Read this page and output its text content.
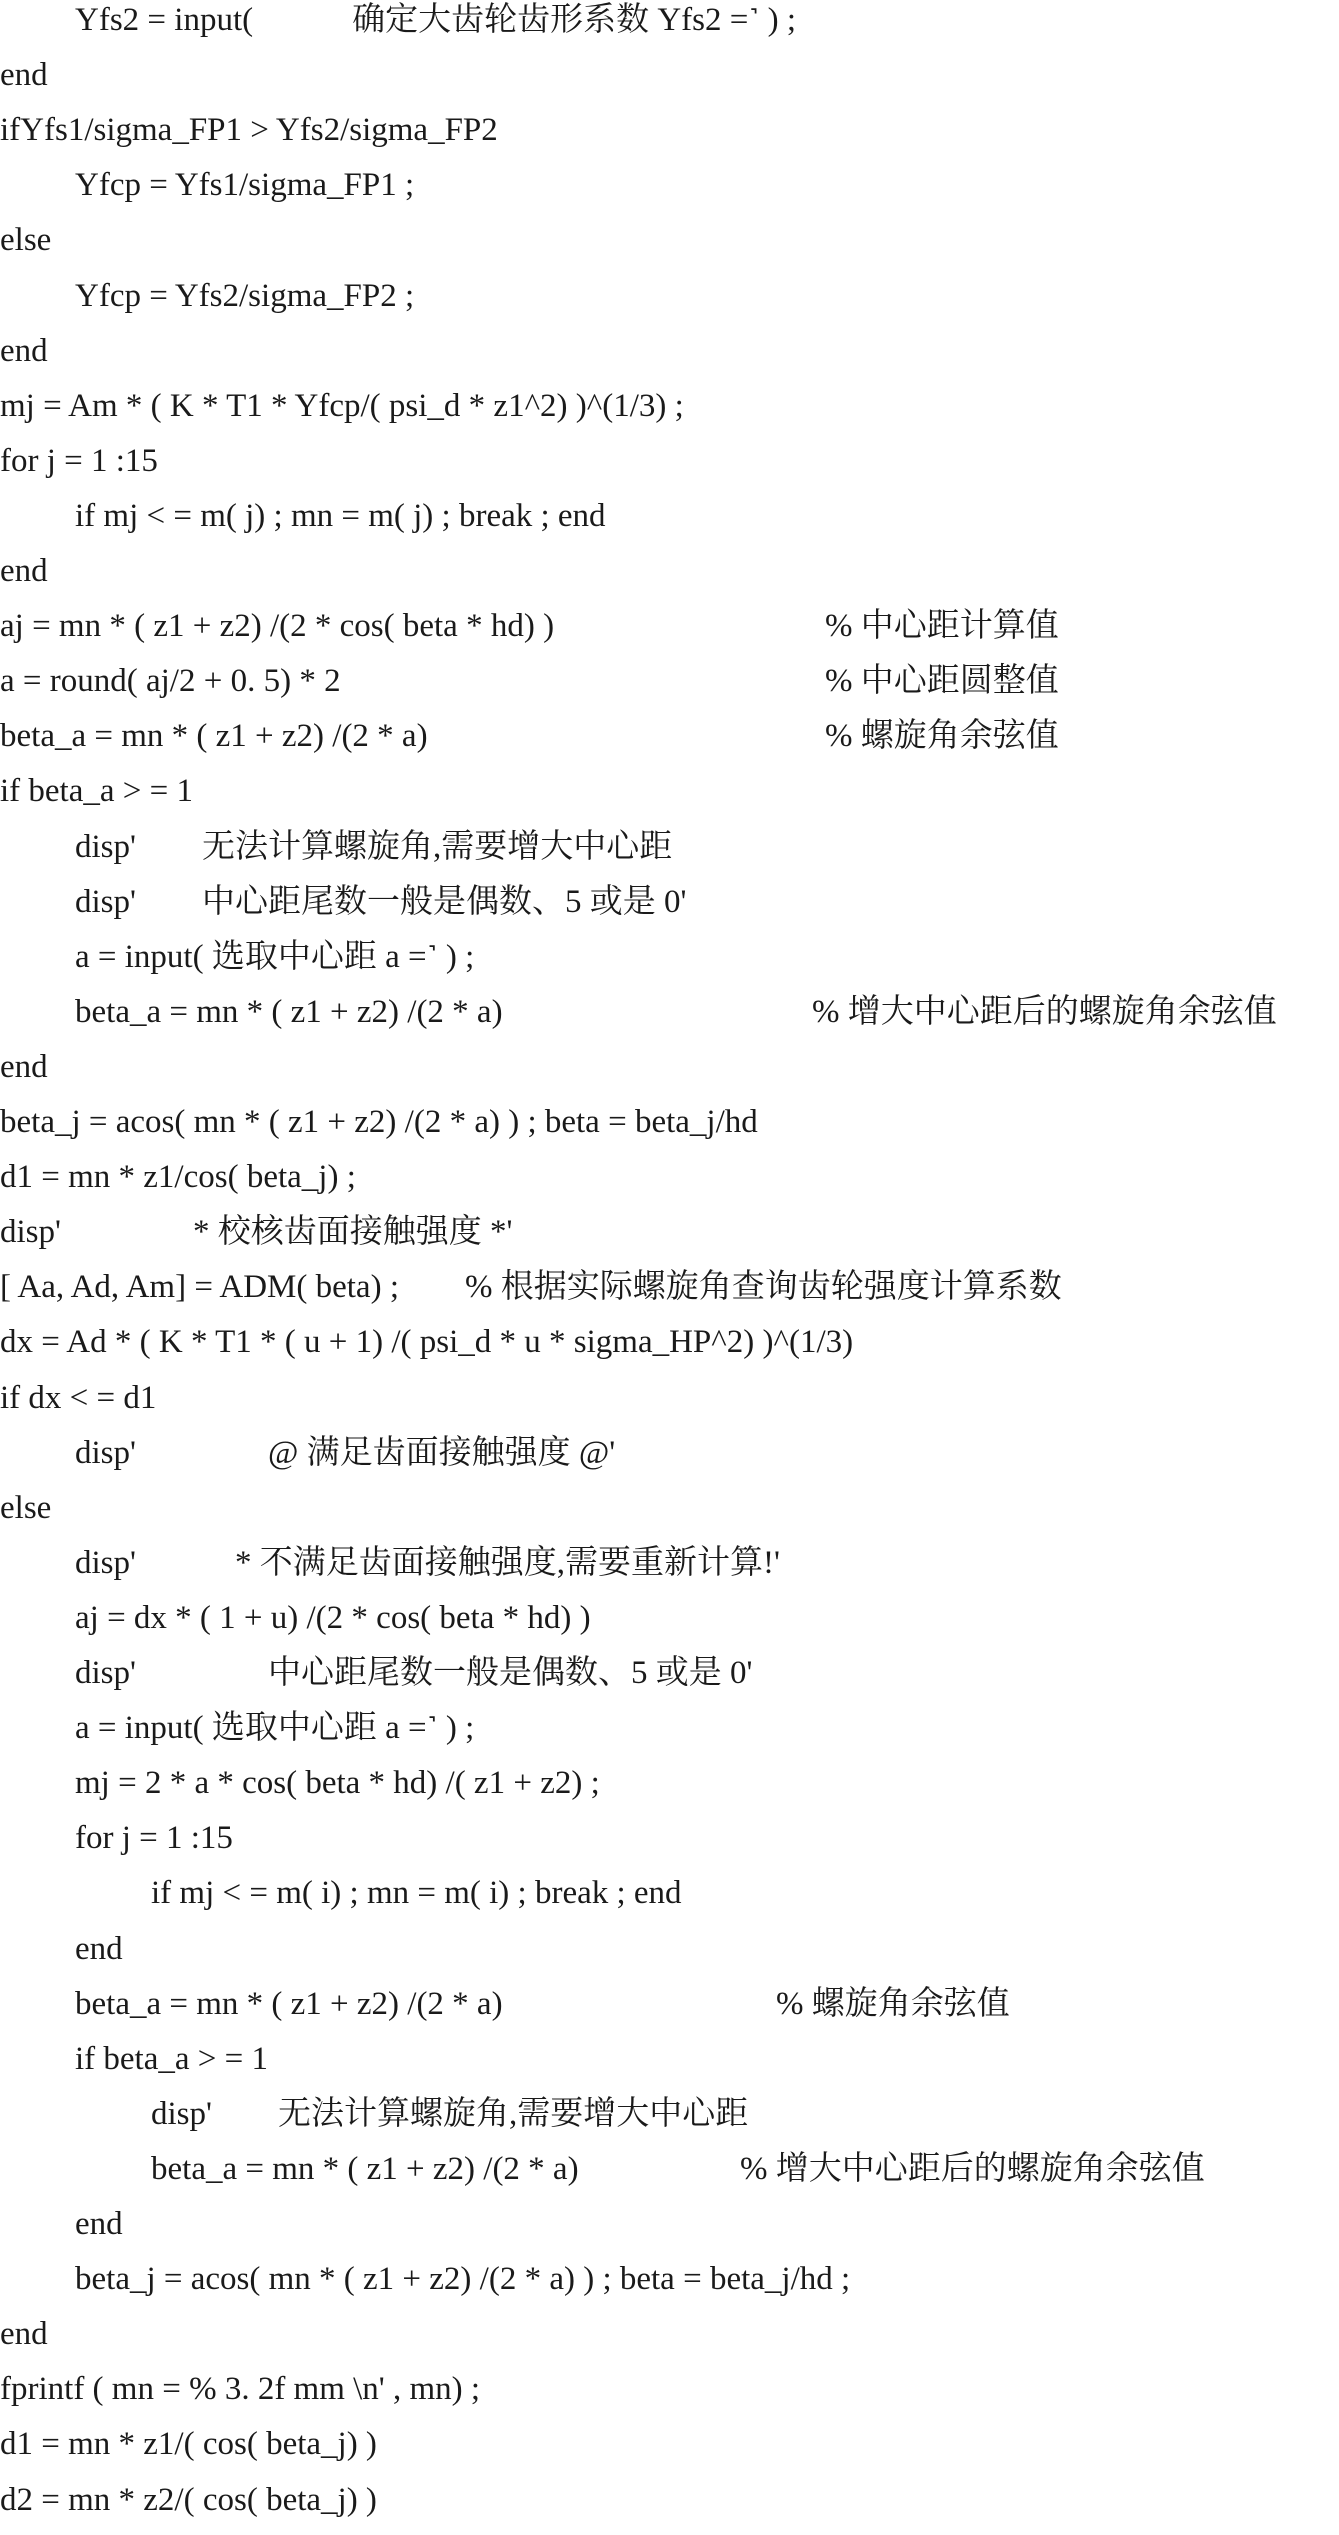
Yfs2 = input(　　　确定大齿轮齿形系数 Yfs2 =˺ ) ;
end
ifYfs1/sigma_FP1 > Yfs2/sigma_FP2
Yfcp = Yfs1/sigma_FP1 ;
else
Yfcp = Yfs2/sigma_FP2 ;
end
mj = Am * ( K * T1 * Yfcp/( psi_d * z1^2) )^(1/3) ;
for j = 1 :15
if mj < = m( j) ; mn = m( j) ; break ; end
end
aj = mn * ( z1 + z2) /(2 * cos( beta * hd) )	% 中心距计算值
a = round( aj/2 + 0. 5) * 2	% 中心距圆整值
beta_a = mn * ( z1 + z2) /(2 * a)	% 螺旋角余弦值
if beta_a > = 1
disp'　　无法计算螺旋角,需要增大中心距
disp'　　中心距尾数一般是偶数、5 或是 0'
a = input( 选取中心距 a =˺ ) ;
beta_a = mn * ( z1 + z2) /(2 * a)	% 增大中心距后的螺旋角余弦值
end
beta_j = acos( mn * ( z1 + z2) /(2 * a) ) ; beta = beta_j/hd
d1 = mn * z1/cos( beta_j) ;
disp'　　　　* 校核齿面接触强度 *'
[ Aa, Ad, Am] = ADM( beta) ;　　% 根据实际螺旋角查询齿轮强度计算系数
dx = Ad * ( K * T1 * ( u + 1) /( psi_d * u * sigma_HP^2) )^(1/3)
if dx < = d1
disp'　　　　@ 满足齿面接触强度 @'
else
disp'　　　* 不满足齿面接触强度,需要重新计算!'
aj = dx * ( 1 + u) /(2 * cos( beta * hd) )
disp'　　　　中心距尾数一般是偶数、5 或是 0'
a = input( 选取中心距 a =˺ ) ;
mj = 2 * a * cos( beta * hd) /( z1 + z2) ;
for j = 1 :15
if mj < = m( i) ; mn = m( i) ; break ; end
end
beta_a = mn * ( z1 + z2) /(2 * a)	% 螺旋角余弦值
if beta_a > = 1
disp'　　无法计算螺旋角,需要增大中心距
beta_a = mn * ( z1 + z2) /(2 * a)	% 增大中心距后的螺旋角余弦值
end
beta_j = acos( mn * ( z1 + z2) /(2 * a) ) ; beta = beta_j/hd ;
end
fprintf ( mn = % 3. 2f mm \n' , mn) ;
d1 = mn * z1/( cos( beta_j) )
d2 = mn * z2/( cos( beta_j) )
